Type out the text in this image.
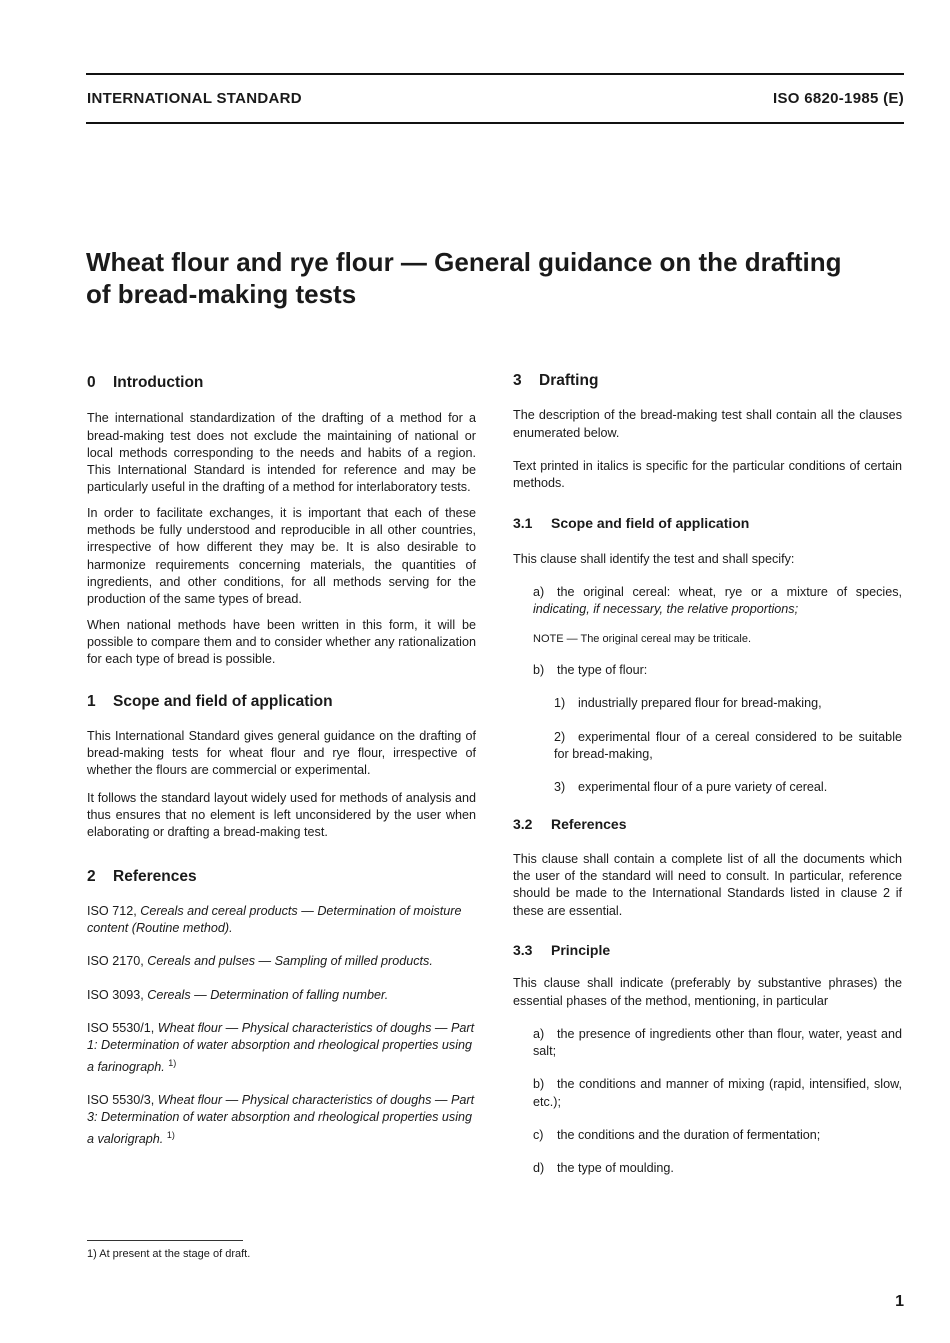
INTERNATIONAL STANDARD	ISO 6820-1985 (E)
Wheat flour and rye flour — General guidance on the drafting of bread-making tests
0 Introduction

The international standardization of the drafting of a method for a bread-making test does not exclude the maintaining of national or local methods corresponding to the needs and habits of a region. This International Standard is intended for reference and may be particularly useful in the drafting of a method for interlaboratory tests.

In order to facilitate exchanges, it is important that each of these methods be fully understood and reproducible in all other countries, irrespective of how different they may be. It is also desirable to harmonize requirements concerning materials, the quantities of ingredients, and other conditions, for all methods serving for the production of the same types of bread.

When national methods have been written in this form, it will be possible to compare them and to consider whether any rationalization for each type of bread is possible.

1 Scope and field of application

This International Standard gives general guidance on the drafting of bread-making tests for wheat flour and rye flour, irrespective of whether the flours are commercial or experimental.

It follows the standard layout widely used for methods of analysis and thus ensures that no element is left unconsidered by the user when elaborating or drafting a bread-making test.

2 References

ISO 712, Cereals and cereal products — Determination of moisture content (Routine method).

ISO 2170, Cereals and pulses — Sampling of milled products.

ISO 3093, Cereals — Determination of falling number.

ISO 5530/1, Wheat flour — Physical characteristics of doughs — Part 1: Determination of water absorption and rheological properties using a farinograph. $^{1)}$

ISO 5530/3, Wheat flour — Physical characteristics of doughs — Part 3: Determination of water absorption and rheological properties using a valorigraph. $^{1)}$

3 Drafting

The description of the bread-making test shall contain all the clauses enumerated below.

Text printed in italics is specific for the particular conditions of certain methods.

3.1 Scope and field of application

This clause shall identify the test and shall specify:

a) the original cereal: wheat, rye or a mixture of species, indicating, if necessary, the relative proportions;

NOTE — The original cereal may be triticale.

b) the type of flour:

1) industrially prepared flour for bread-making,

2) experimental flour of a cereal considered to be suitable for bread-making,

3) experimental flour of a pure variety of cereal.

3.2 References

This clause shall contain a complete list of all the documents which the user of the standard will need to consult. In particular, reference should be made to the International Standards listed in clause 2 if these are essential.

3.3 Principle

This clause shall indicate (preferably by substantive phrases) the essential phases of the method, mentioning, in particular

a) the presence of ingredients other than flour, water, yeast and salt;

b) the conditions and manner of mixing (rapid, intensified, slow, etc.);

c) the conditions and the duration of fermentation;

d) the type of moulding.

1) At present at the stage of draft.
1
